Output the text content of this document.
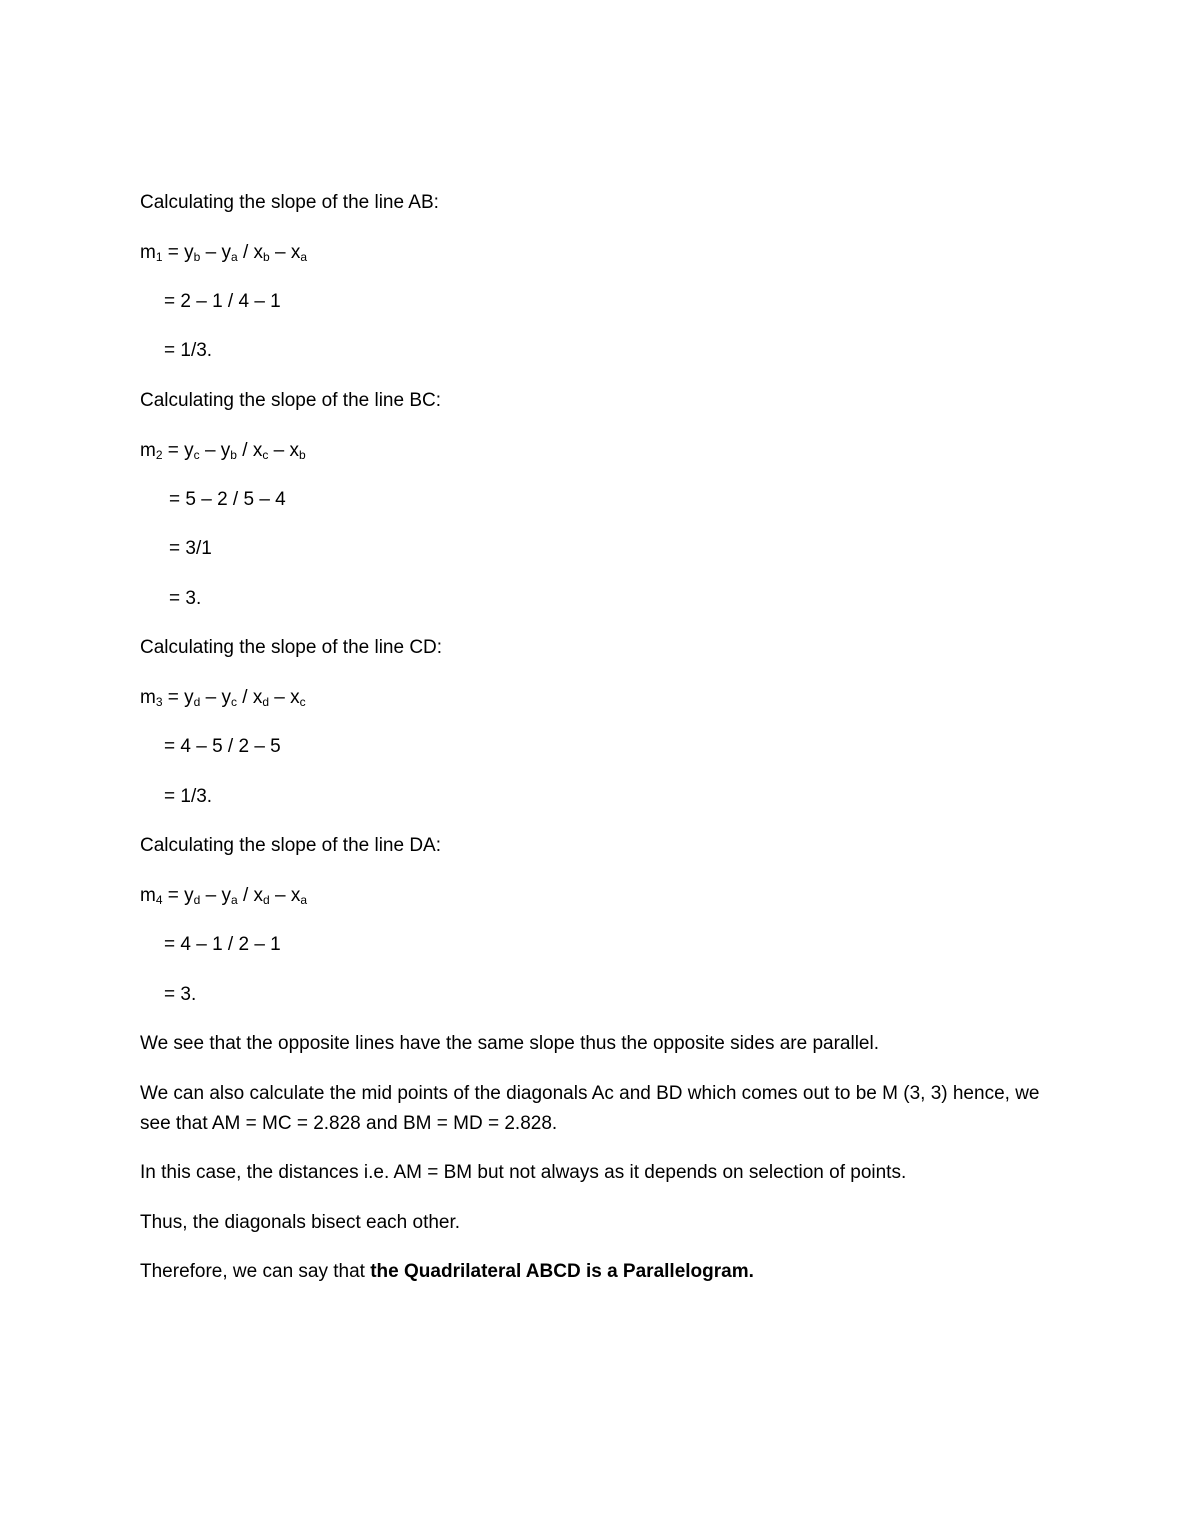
Calculating the slope of the line AB:

$m_1 = y_b - y_a / x_b - x_a$

= 2 – 1 / 4 – 1

= 1/3.

Calculating the slope of the line BC:

$m_2 = y_c - y_b / x_c - x_b$

= 5 – 2 / 5 – 4

= 3/1

= 3.

Calculating the slope of the line CD:

$m_3 = y_d - y_c / x_d - x_c$

= 4 – 5 / 2 – 5

= 1/3.

Calculating the slope of the line DA:

$m_4 = y_d - y_a / x_d - x_a$

= 4 – 1 / 2 – 1

= 3.

We see that the opposite lines have the same slope thus the opposite sides are parallel.

We can also calculate the mid points of the diagonals Ac and BD which comes out to be M (3, 3) hence, we see that AM = MC = 2.828 and BM = MD = 2.828.

In this case, the distances i.e. AM = BM but not always as it depends on selection of points.

Thus, the diagonals bisect each other.

Therefore, we can say that the Quadrilateral ABCD is a Parallelogram.
